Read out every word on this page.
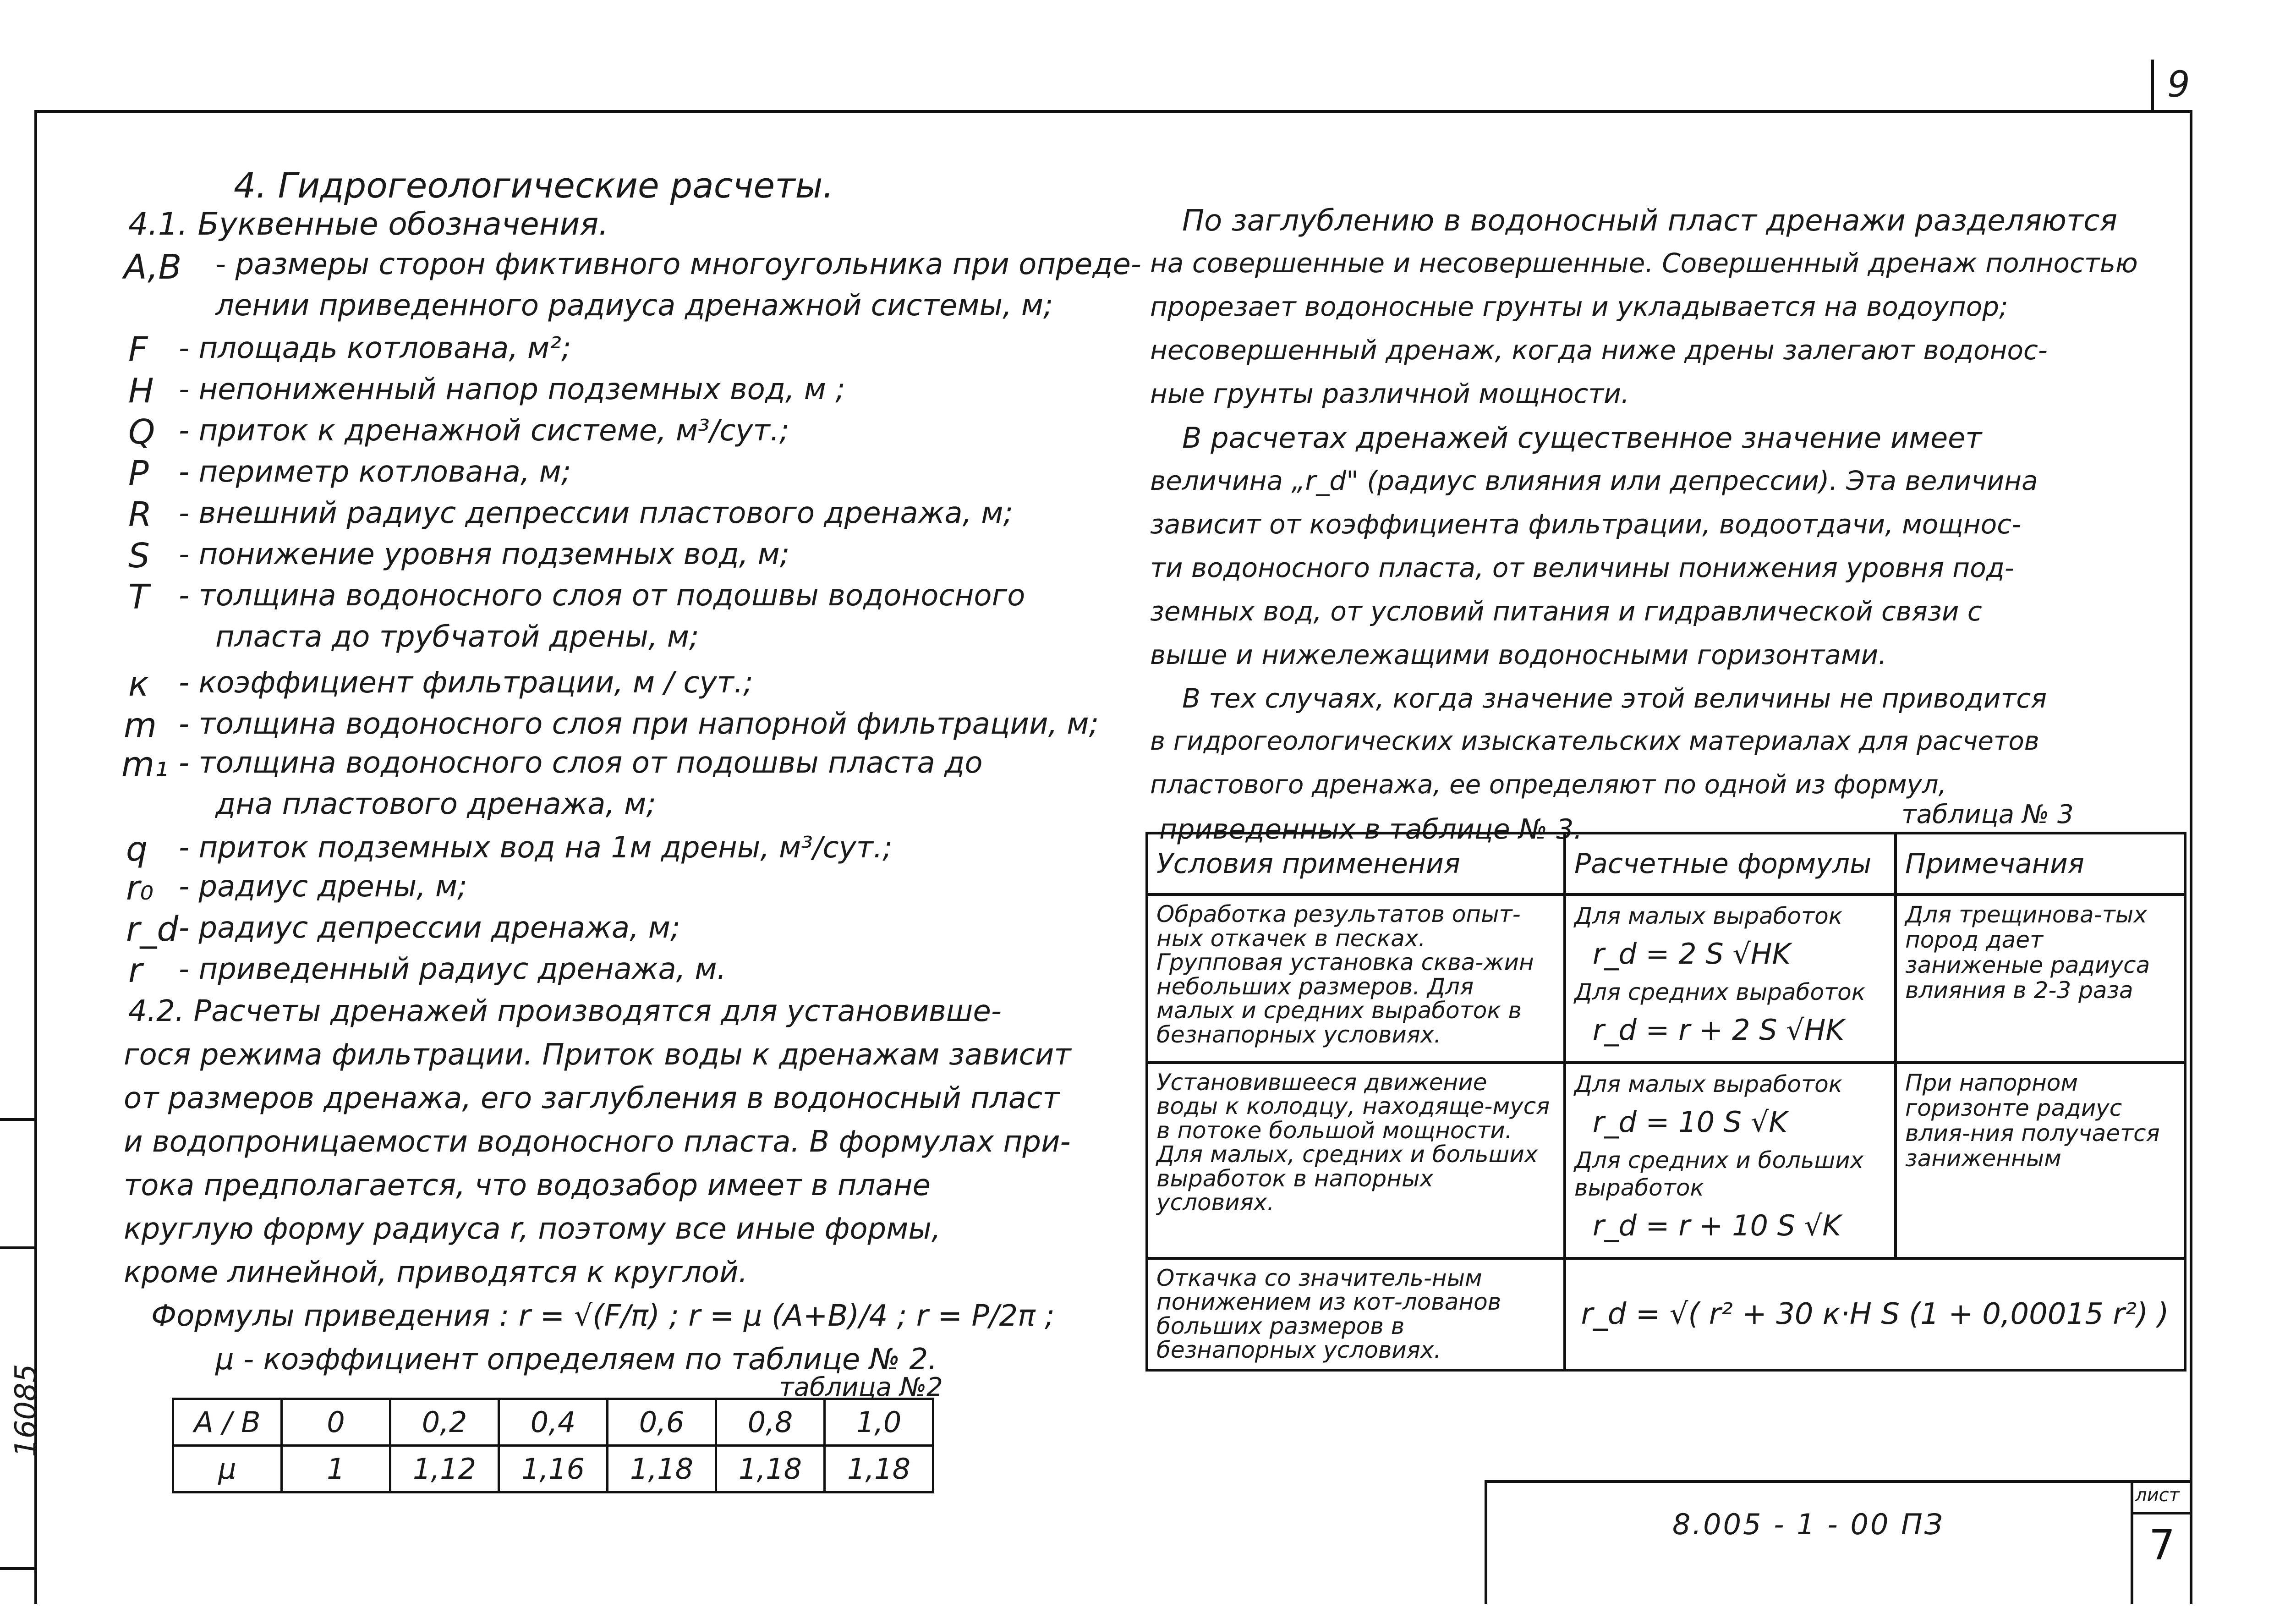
9
16085
4. Гидрогеологические расчеты.
4.1. Буквенные обозначения.
A,B - размеры сторон фиктивного многоугольника при опреде-
лении приведенного радиуса дренажной системы, м;
F - площадь котлована, м²;
H - непониженный напор подземных вод, м ;
Q - приток к дренажной системе, м³/сут.;
P - периметр котлована, м;
R - внешний радиус депрессии пластового дренажа, м;
S - понижение уровня подземных вод, м;
T - толщина водоносного слоя от подошвы водоносного
пласта до трубчатой дрены, м;
к - коэффициент фильтрации, м / сут.;
m - толщина водоносного слоя при напорной фильтрации, м;
m₁ - толщина водоносного слоя от подошвы пласта до
дна пластового дренажа, м;
q - приток подземных вод на 1м дрены, м³/сут.;
r₀ - радиус дрены, м;
r_d - радиус депрессии дренажа, м;
r - приведенный радиус дренажа, м.
4.2. Расчеты дренажей производятся для установивше-
гося режима фильтрации. Приток воды к дренажам зависит
от размеров дренажа, его заглубления в водоносный пласт
и водопроницаемости водоносного пласта. В формулах при-
тока предполагается, что водозабор имеет в плане
круглую форму радиуса r, поэтому все иные формы,
кроме линейной, приводятся к круглой.
Формулы приведения : r = √(F/π) ; r = μ (A+B)/4 ; r = P/2π ;
μ - коэффициент определяем по таблице № 2.
таблица №2
A / B	0	0,2	0,4	0,6	0,8	1,0
μ	1	1,12	1,16	1,18	1,18	1,18
По заглублению в водоносный пласт дренажи разделяются
на совершенные и несовершенные. Совершенный дренаж полностью
прорезает водоносные грунты и укладывается на водоупор;
несовершенный дренаж, когда ниже дрены залегают водонос-
ные грунты различной мощности.
В расчетах дренажей существенное значение имеет
величина „r_d" (радиус влияния или депрессии). Эта величина
зависит от коэффициента фильтрации, водоотдачи, мощнос-
ти водоносного пласта, от величины понижения уровня под-
земных вод, от условий питания и гидравлической связи с
выше и нижележащими водоносными горизонтами.
В тех случаях, когда значение этой величины не приводится
в гидрогеологических изыскательских материалах для расчетов
пластового дренажа, ее определяют по одной из формул,
приведенных в таблице № 3.	таблица № 3
Условия применения	Расчетные формулы	Примечания
Обработка результатов опыт-ных откачек в песках. Групповая установка сква-жин небольших размеров. Для малых и средних выработок в безнапорных условиях.	Для малых выработок
r_d = 2 S √HK
Для средних выработок
r_d = r + 2 S √HK	Для трещинова-тых пород дает заниженые радиуса влияния в 2-3 раза
Установившееся движение воды к колодцу, находяще-муся в потоке большой мощности. Для малых, средних и больших выработок в напорных условиях.	Для малых выработок
r_d = 10 S √K
Для средних и больших выработок
r_d = r + 10 S √K	При напорном горизонте радиус влия-ния получается заниженным
Откачка со значитель-ным понижением из кот-лованов больших размеров в безнапорных условиях.	r_d = √( r² + 30 к·H S (1 + 0,00015 r²) )	
8.005 - 1 - 00 ПЗ
лист
7
